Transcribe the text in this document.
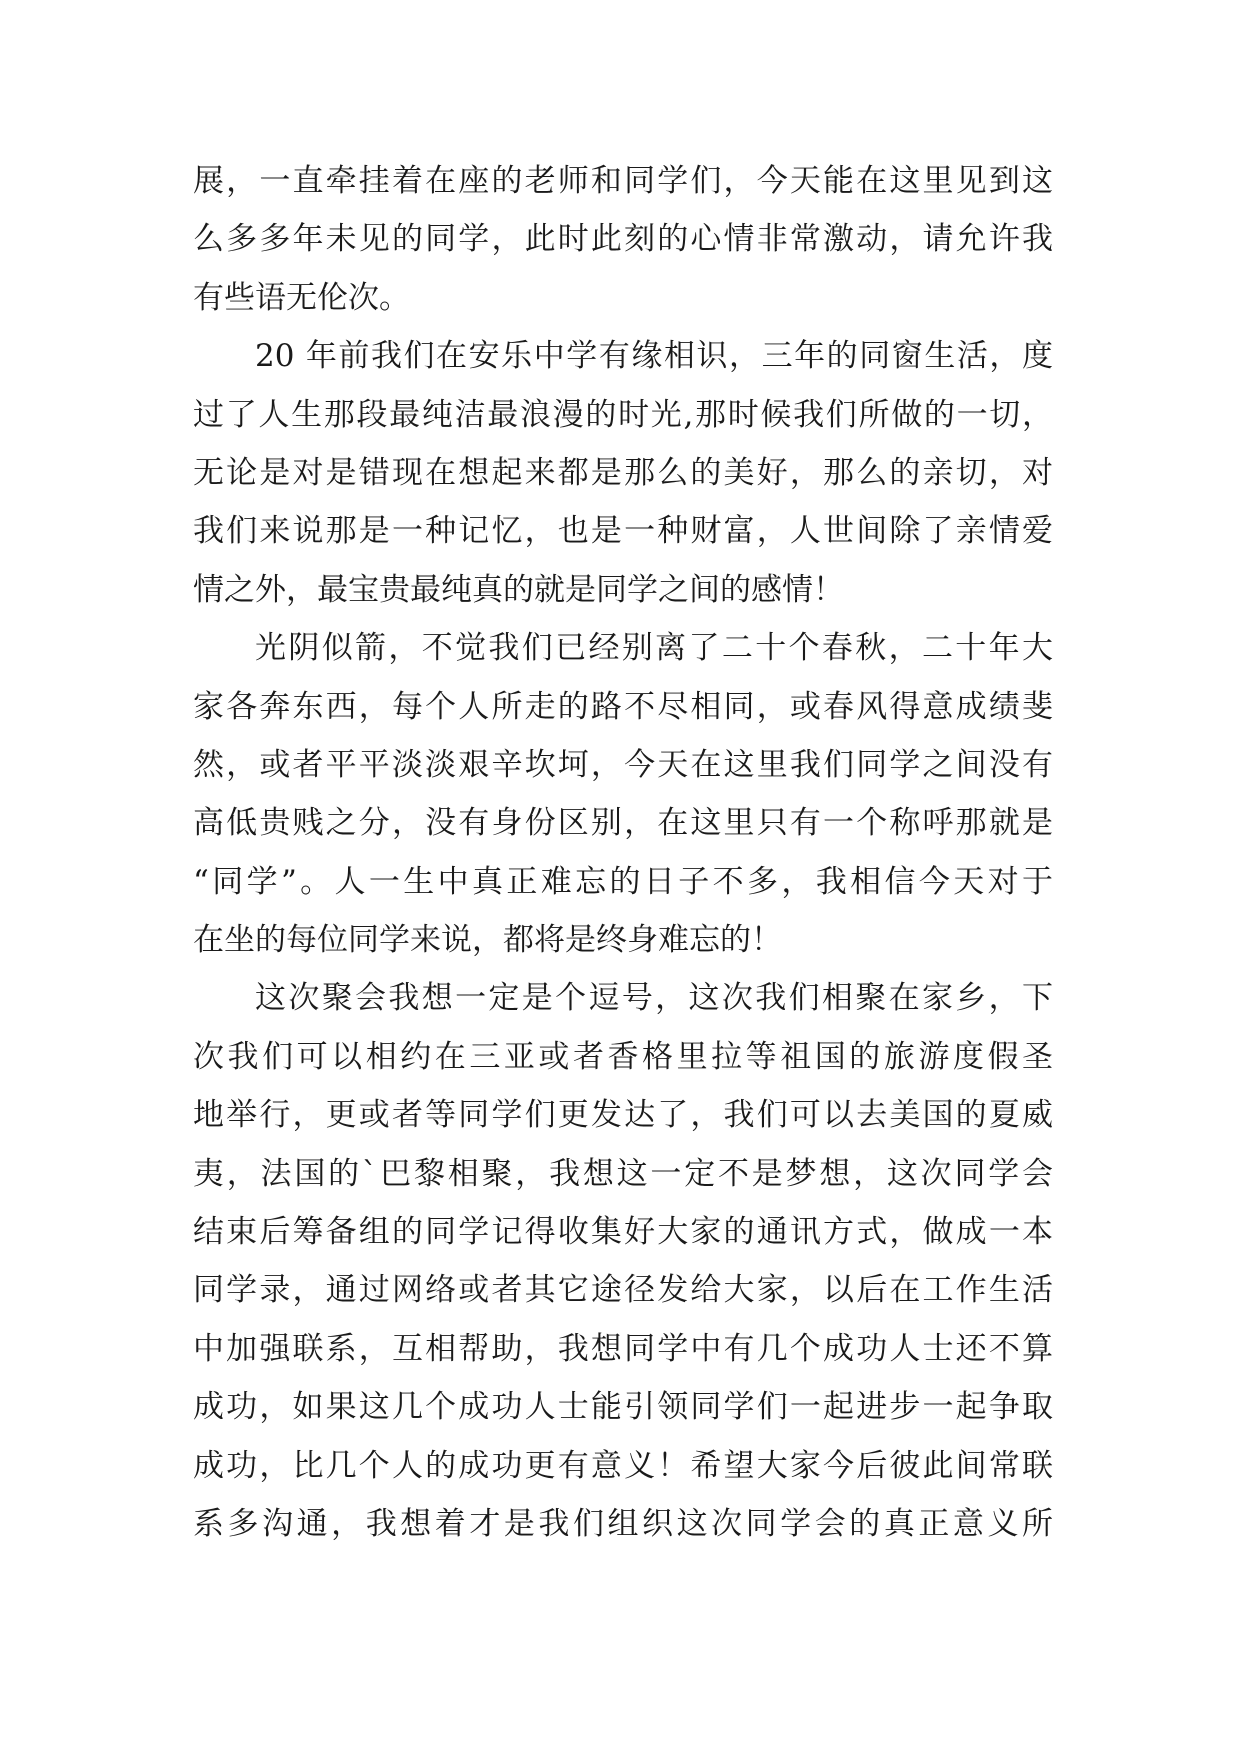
展，一直牵挂着在座的老师和同学们，今天能在这里见到这
么多多年未见的同学，此时此刻的心情非常激动，请允许我
有些语无伦次。
20 年前我们在安乐中学有缘相识，三年的同窗生活，度
过了人生那段最纯洁最浪漫的时光,那时候我们所做的一切，
无论是对是错现在想起来都是那么的美好，那么的亲切，对
我们来说那是一种记忆，也是一种财富，人世间除了亲情爱
情之外，最宝贵最纯真的就是同学之间的感情！
光阴似箭，不觉我们已经别离了二十个春秋，二十年大
家各奔东西，每个人所走的路不尽相同，或春风得意成绩斐
然，或者平平淡淡艰辛坎坷，今天在这里我们同学之间没有
高低贵贱之分，没有身份区别，在这里只有一个称呼那就是
“同学”。人一生中真正难忘的日子不多，我相信今天对于
在坐的每位同学来说，都将是终身难忘的！
这次聚会我想一定是个逗号，这次我们相聚在家乡，下
次我们可以相约在三亚或者香格里拉等祖国的旅游度假圣
地举行，更或者等同学们更发达了，我们可以去美国的夏威
夷，法国的`巴黎相聚，我想这一定不是梦想，这次同学会
结束后筹备组的同学记得收集好大家的通讯方式，做成一本
同学录，通过网络或者其它途径发给大家，以后在工作生活
中加强联系，互相帮助，我想同学中有几个成功人士还不算
成功，如果这几个成功人士能引领同学们一起进步一起争取
成功，比几个人的成功更有意义！希望大家今后彼此间常联
系多沟通，我想着才是我们组织这次同学会的真正意义所
